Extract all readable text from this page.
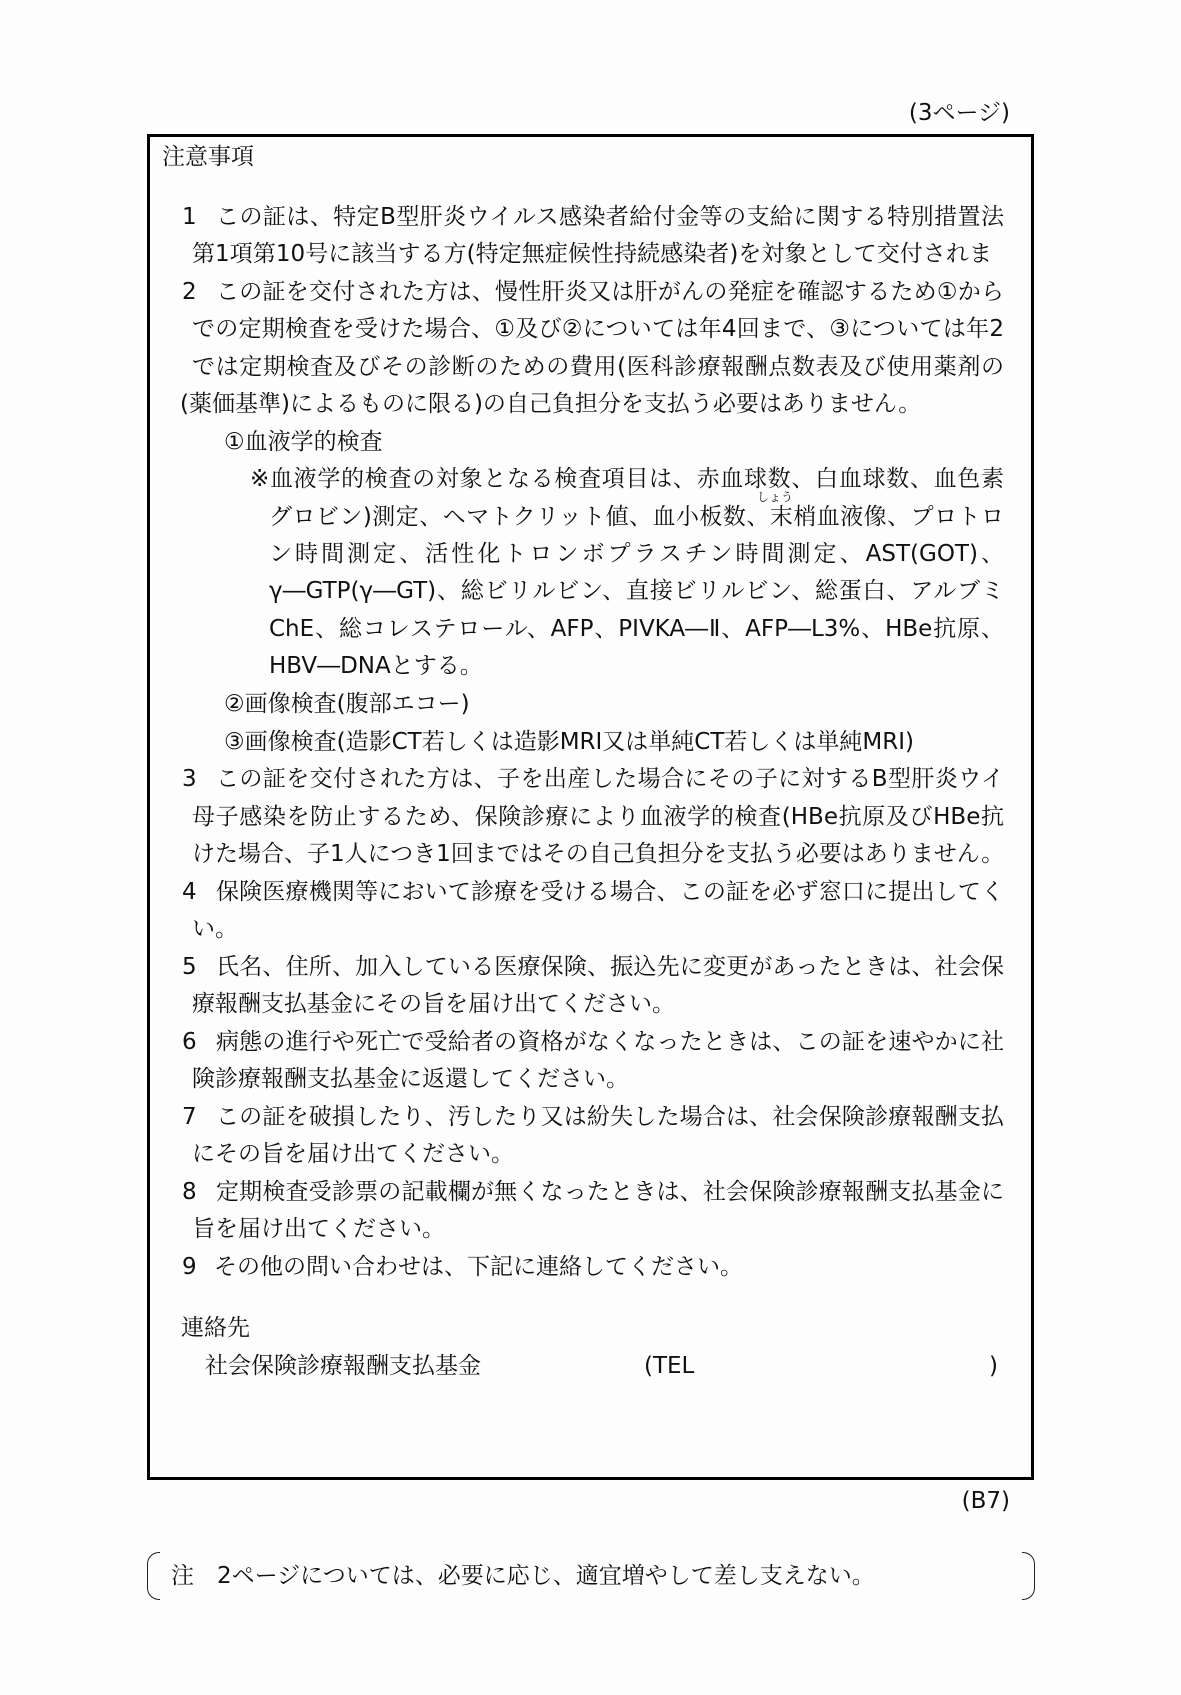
(3ページ)
注意事項
1 この証は、特定B型肝炎ウイルス感染者給付金等の支給に関する特別措置法
第1項第10号に該当する方(特定無症候性持続感染者)を対象として交付されま
2 この証を交付された方は、慢性肝炎又は肝がんの発症を確認するため①から
での定期検査を受けた場合、①及び②については年4回まで、③については年2
では定期検査及びその診断のための費用(医科診療報酬点数表及び使用薬剤の
(薬価基準)によるものに限る)の自己負担分を支払う必要はありません。
①血液学的検査
※血液学的検査の対象となる検査項目は、赤血球数、白血球数、血色素
しょう
グロビン)測定、ヘマトクリット値、血小板数、末梢血液像、プロトロ
ン時間測定、活性化トロンボプラスチン時間測定、AST(GOT)、
γ―GTP(γ―GT)、総ビリルビン、直接ビリルビン、総蛋白、アルブミ
ChE、総コレステロール、AFP、PIVKA―Ⅱ、AFP―L3%、HBe抗原、
HBV―DNAとする。
②画像検査(腹部エコー)
③画像検査(造影CT若しくは造影MRI又は単純CT若しくは単純MRI)
3 この証を交付された方は、子を出産した場合にその子に対するB型肝炎ウイ
母子感染を防止するため、保険診療により血液学的検査(HBe抗原及びHBe抗
けた場合、子1人につき1回まではその自己負担分を支払う必要はありません。
4 保険医療機関等において診療を受ける場合、この証を必ず窓口に提出してく
い。
5 氏名、住所、加入している医療保険、振込先に変更があったときは、社会保
療報酬支払基金にその旨を届け出てください。
6 病態の進行や死亡で受給者の資格がなくなったときは、この証を速やかに社
険診療報酬支払基金に返還してください。
7 この証を破損したり、汚したり又は紛失した場合は、社会保険診療報酬支払
にその旨を届け出てください。
8 定期検査受診票の記載欄が無くなったときは、社会保険診療報酬支払基金に
旨を届け出てください。
9 その他の問い合わせは、下記に連絡してください。
連絡先
社会保険診療報酬支払基金	(TEL	)
(B7)
注　2ページについては、必要に応じ、適宜増やして差し支えない。
